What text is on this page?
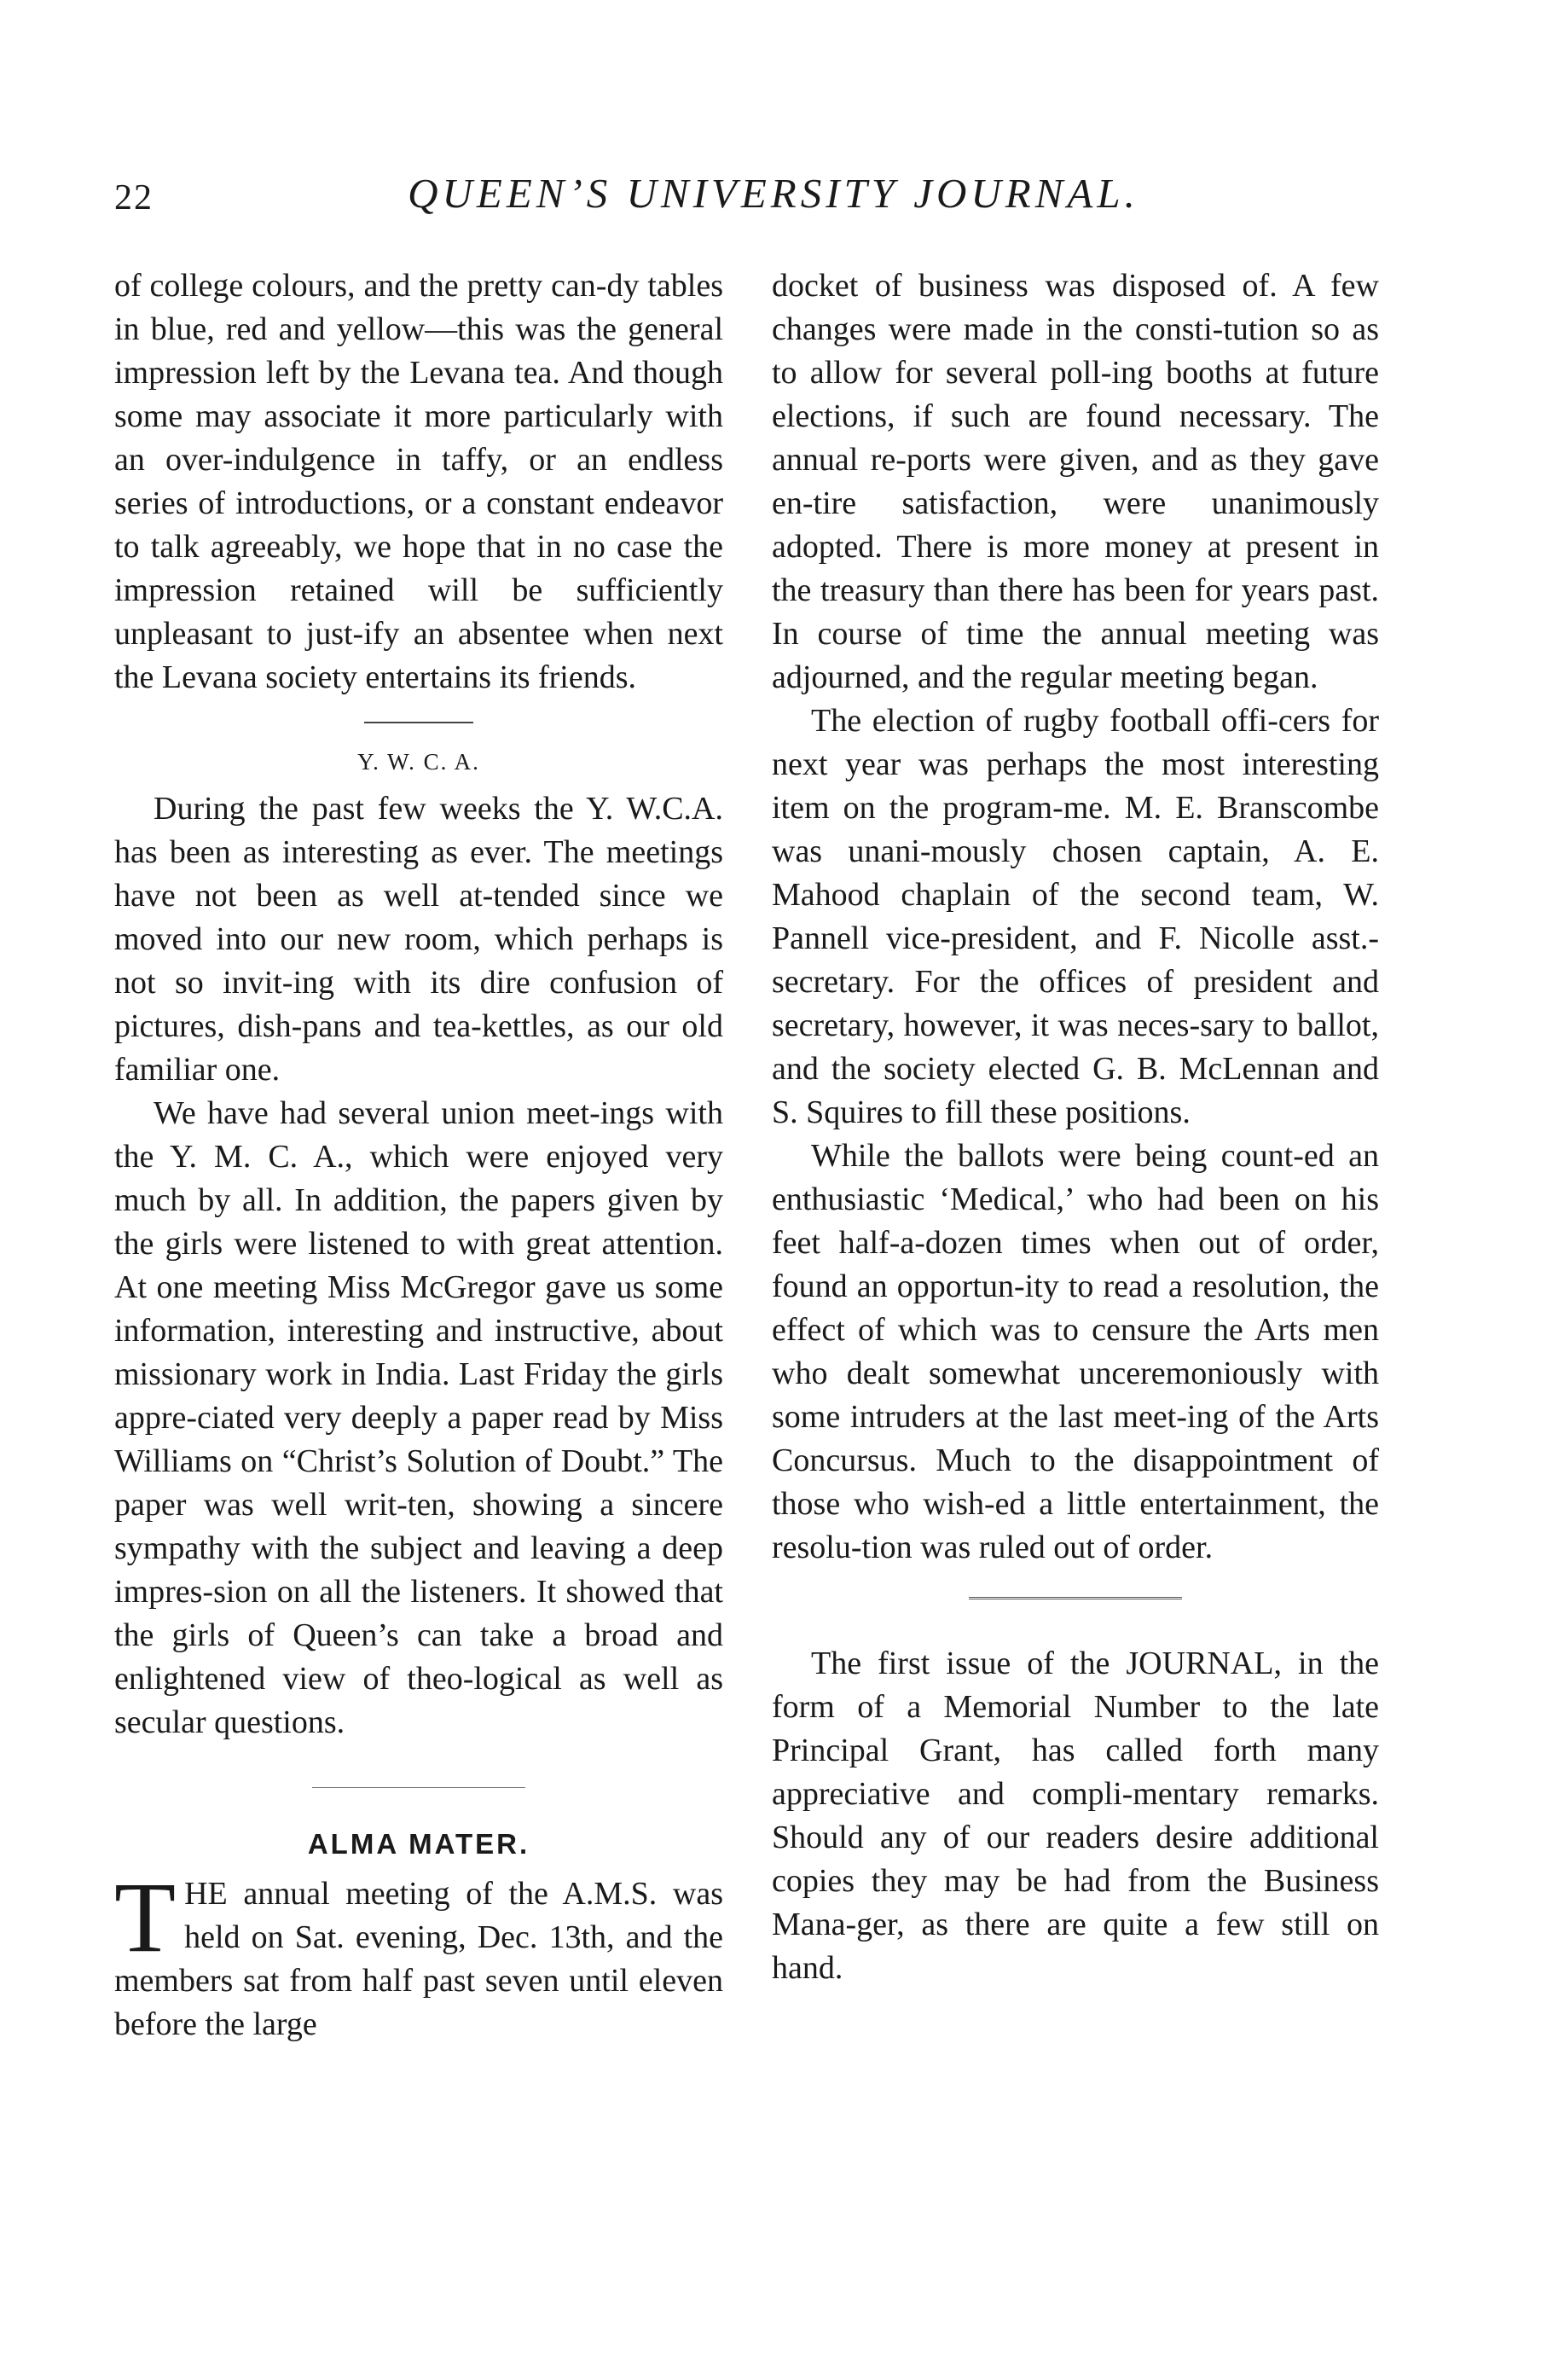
22	QUEEN’S UNIVERSITY JOURNAL.

of college colours, and the pretty can-dy tables in blue, red and yellow—this was the general impression left by the Levana tea. And though some may associate it more particularly with an over-indulgence in taffy, or an endless series of introductions, or a constant endeavor to talk agreeably, we hope that in no case the impression retained will be sufficiently unpleasant to just-ify an absentee when next the Levana society entertains its friends.

Y. W. C. A.

During the past few weeks the Y. W.C.A. has been as interesting as ever. The meetings have not been as well at-tended since we moved into our new room, which perhaps is not so invit-ing with its dire confusion of pictures, dish-pans and tea-kettles, as our old familiar one.

We have had several union meet-ings with the Y. M. C. A., which were enjoyed very much by all. In addition, the papers given by the girls were listened to with great attention. At one meeting Miss McGregor gave us some information, interesting and instructive, about missionary work in India. Last Friday the girls appre-ciated very deeply a paper read by Miss Williams on “Christ’s Solution of Doubt.” The paper was well writ-ten, showing a sincere sympathy with the subject and leaving a deep impres-sion on all the listeners. It showed that the girls of Queen’s can take a broad and enlightened view of theo-logical as well as secular questions.

ALMA MATER.

THE annual meeting of the A.M.S. was held on Sat. evening, Dec. 13th, and the members sat from half past seven until eleven before the large

docket of business was disposed of. A few changes were made in the consti-tution so as to allow for several poll-ing booths at future elections, if such are found necessary. The annual re-ports were given, and as they gave en-tire satisfaction, were unanimously adopted. There is more money at present in the treasury than there has been for years past. In course of time the annual meeting was adjourned, and the regular meeting began.

The election of rugby football offi-cers for next year was perhaps the most interesting item on the program-me. M. E. Branscombe was unani-mously chosen captain, A. E. Mahood chaplain of the second team, W. Pannell vice-president, and F. Nicolle asst.-secretary. For the offices of president and secretary, however, it was neces-sary to ballot, and the society elected G. B. McLennan and S. Squires to fill these positions.

While the ballots were being count-ed an enthusiastic ‘Medical,’ who had been on his feet half-a-dozen times when out of order, found an opportun-ity to read a resolution, the effect of which was to censure the Arts men who dealt somewhat unceremoniously with some intruders at the last meet-ing of the Arts Concursus. Much to the disappointment of those who wish-ed a little entertainment, the resolu-tion was ruled out of order.

The first issue of the JOURNAL, in the form of a Memorial Number to the late Principal Grant, has called forth many appreciative and compli-mentary remarks. Should any of our readers desire additional copies they may be had from the Business Mana-ger, as there are quite a few still on hand.
